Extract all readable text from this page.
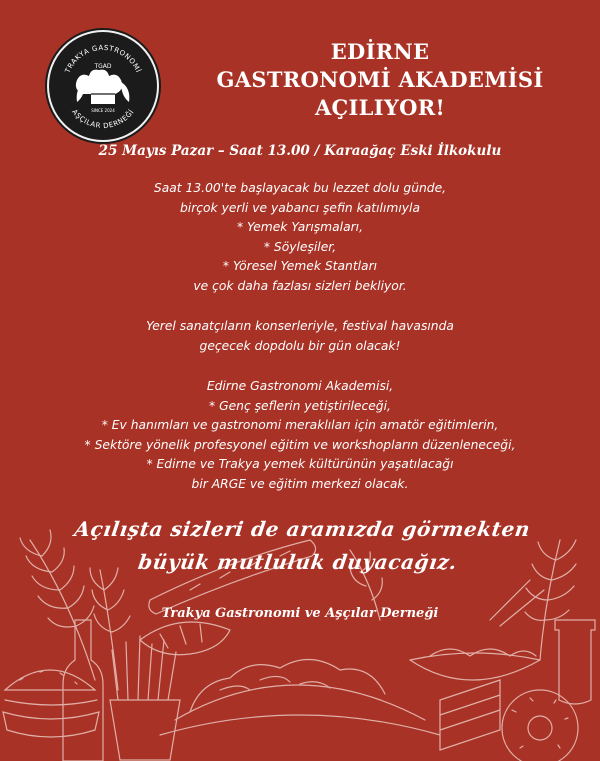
TRAKYA GASTRONOMİ
AŞÇILAR DERNEĞİ
TGAD
SINCE 2024
EDİRNE
GASTRONOMİ AKADEMİSİ
AÇILIYOR!
25 Mayıs Pazar – Saat 13.00 / Karaağaç Eski İlkokulu
Saat 13.00'te başlayacak bu lezzet dolu günde,
birçok yerli ve yabancı şefin katılımıyla
* Yemek Yarışmaları,
* Söyleşiler,
* Yöresel Yemek Stantları
ve çok daha fazlası sizleri bekliyor.
Yerel sanatçıların konserleriyle, festival havasında
geçecek dopdolu bir gün olacak!
Edirne Gastronomi Akademisi,
* Genç şeflerin yetiştirileceği,
* Ev hanımları ve gastronomi meraklıları için amatör eğitimlerin,
* Sektöre yönelik profesyonel eğitim ve workshopların düzenleneceği,
* Edirne ve Trakya yemek kültürünün yaşatılacağı
bir ARGE ve eğitim merkezi olacak.
Açılışta sizleri de aramızda görmekten
büyük mutluluk duyacağız.
Trakya Gastronomi ve Aşçılar Derneği
